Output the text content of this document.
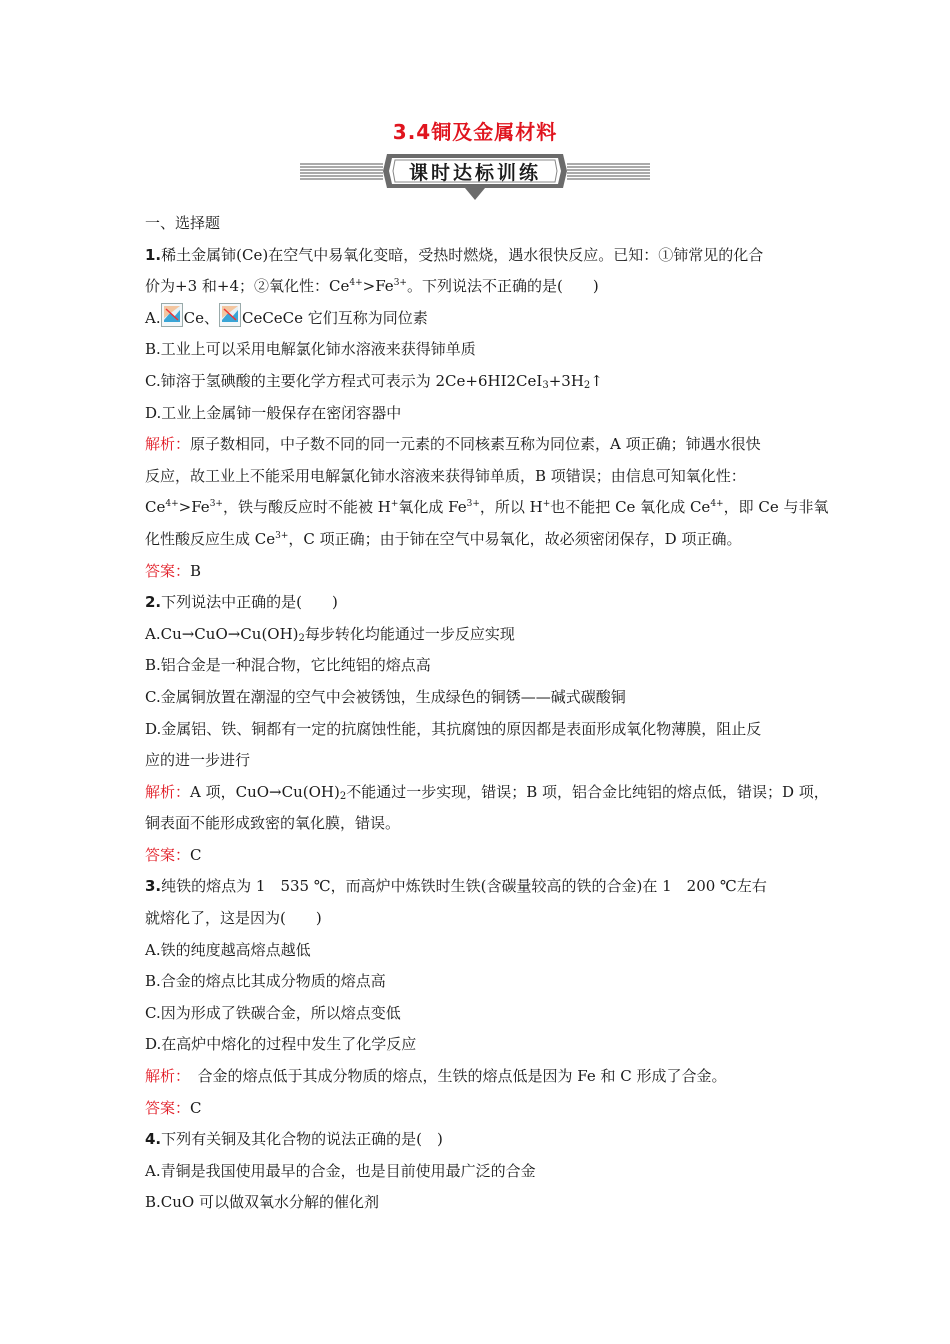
3.4铜及金属材料
课时达标训练
一、选择题
1.稀土金属铈(Ce)在空气中易氧化变暗，受热时燃烧，遇水很快反应。已知：①铈常见的化合
价为+3 和+4；②氧化性：$Ce^{4+}>Fe^{3+}$。下列说法不正确的是(　　)
A. Ce、 CeCeCe 它们互称为同位素
B.工业上可以采用电解氯化铈水溶液来获得铈单质
C.铈溶于氢碘酸的主要化学方程式可表示为 $2Ce+6HI2CeI_3+3H_2↑$
D.工业上金属铈一般保存在密闭容器中
解析：原子数相同，中子数不同的同一元素的不同核素互称为同位素，A 项正确；铈遇水很快
反应，故工业上不能采用电解氯化铈水溶液来获得铈单质，B 项错误；由信息可知氧化性：
$Ce^{4+}>Fe^{3+}$，铁与酸反应时不能被 H+氧化成 $Fe^{3+}$，所以 H+也不能把 Ce 氧化成 $Ce^{4+}$，即 Ce 与非氧
化性酸反应生成 $Ce^{3+}$，C 项正确；由于铈在空气中易氧化，故必须密闭保存，D 项正确。
答案：B
2.下列说法中正确的是(　　)
$A.Cu\to CuO\to Cu(OH)_2$每步转化均能通过一步反应实现
B.铝合金是一种混合物，它比纯铝的熔点高
C.金属铜放置在潮湿的空气中会被锈蚀，生成绿色的铜锈——碱式碳酸铜
D.金属铝、铁、铜都有一定的抗腐蚀性能，其抗腐蚀的原因都是表面形成氧化物薄膜，阻止反
应的进一步进行
解析：A 项，$CuO\to Cu(OH)_2$不能通过一步实现，错误；B 项，铝合金比纯铝的熔点低，错误；D 项，
铜表面不能形成致密的氧化膜，错误。
答案：C
3.纯铁的熔点为 1　535 ℃，而高炉中炼铁时生铁(含碳量较高的铁的合金)在 1　200 ℃左右
就熔化了，这是因为(　　)
A.铁的纯度越高熔点越低
B.合金的熔点比其成分物质的熔点高
C.因为形成了铁碳合金，所以熔点变低
D.在高炉中熔化的过程中发生了化学反应
解析：　合金的熔点低于其成分物质的熔点，生铁的熔点低是因为 Fe 和 C 形成了合金。
答案：C
4.下列有关铜及其化合物的说法正确的是(　)
A.青铜是我国使用最早的合金，也是目前使用最广泛的合金
B.CuO 可以做双氧水分解的催化剂
